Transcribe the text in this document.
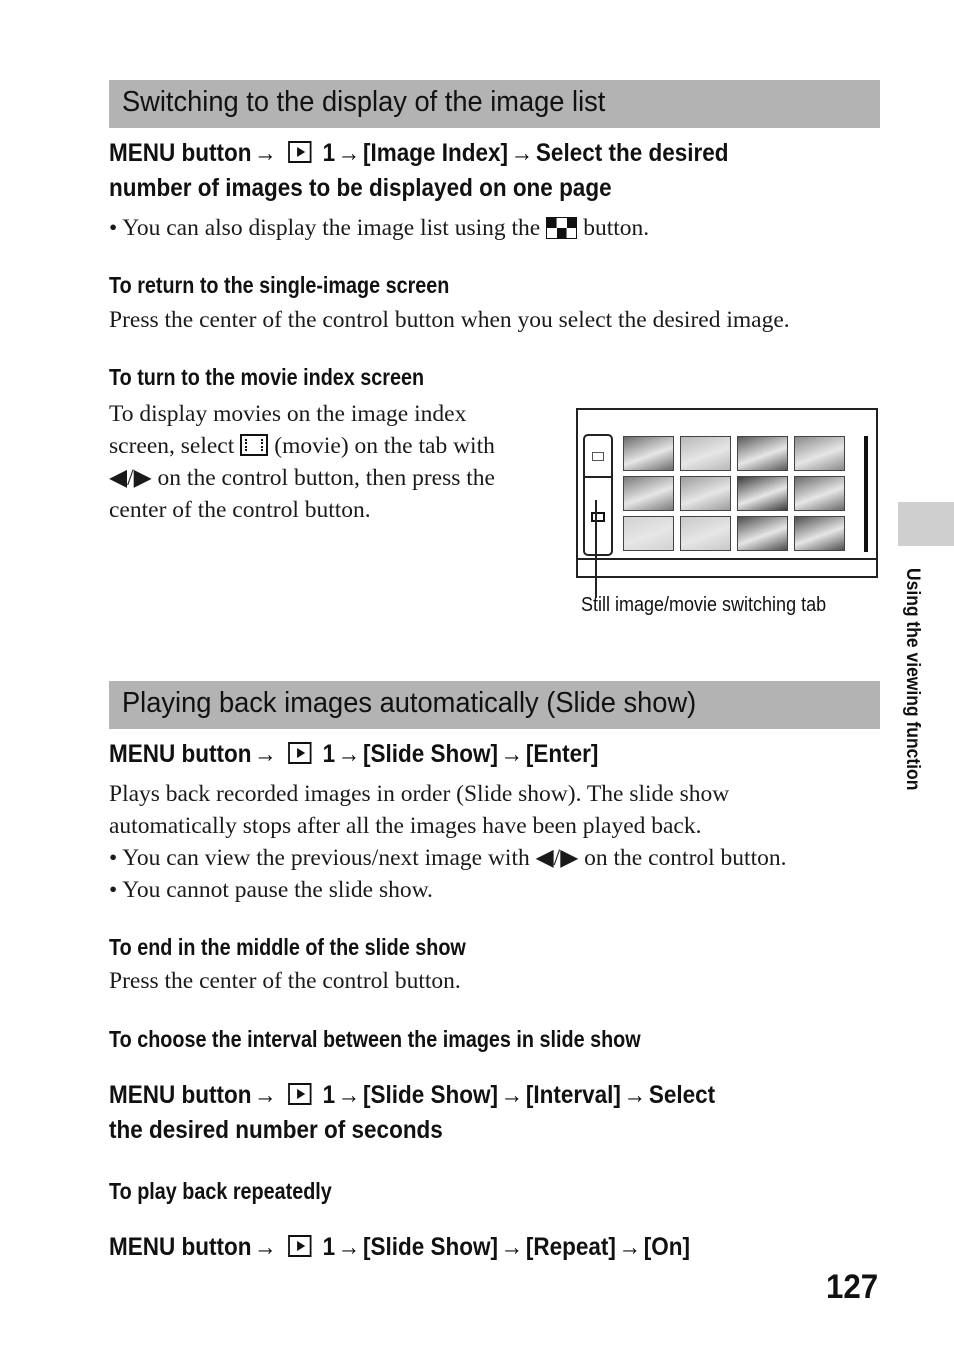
Switching to the display of the image list
MENU button → 1 → [Image Index] → Select the desired
number of images to be displayed on one page
• You can also display the image list using the button.
To return to the single-image screen
Press the center of the control button when you select the desired image.
To turn to the movie index screen
To display movies on the image index
screen, select (movie) on the tab with
◀/▶ on the control button, then press the
center of the control button.
Still image/movie switching tab
Playing back images automatically (Slide show)
MENU button → 1 → [Slide Show] → [Enter]
Plays back recorded images in order (Slide show). The slide show
automatically stops after all the images have been played back.
• You can view the previous/next image with ◀/▶ on the control button.
• You cannot pause the slide show.
To end in the middle of the slide show
Press the center of the control button.
To choose the interval between the images in slide show
MENU button → 1 → [Slide Show] → [Interval] → Select
the desired number of seconds
To play back repeatedly
MENU button → 1 → [Slide Show] → [Repeat] → [On]
Using the viewing function
127
